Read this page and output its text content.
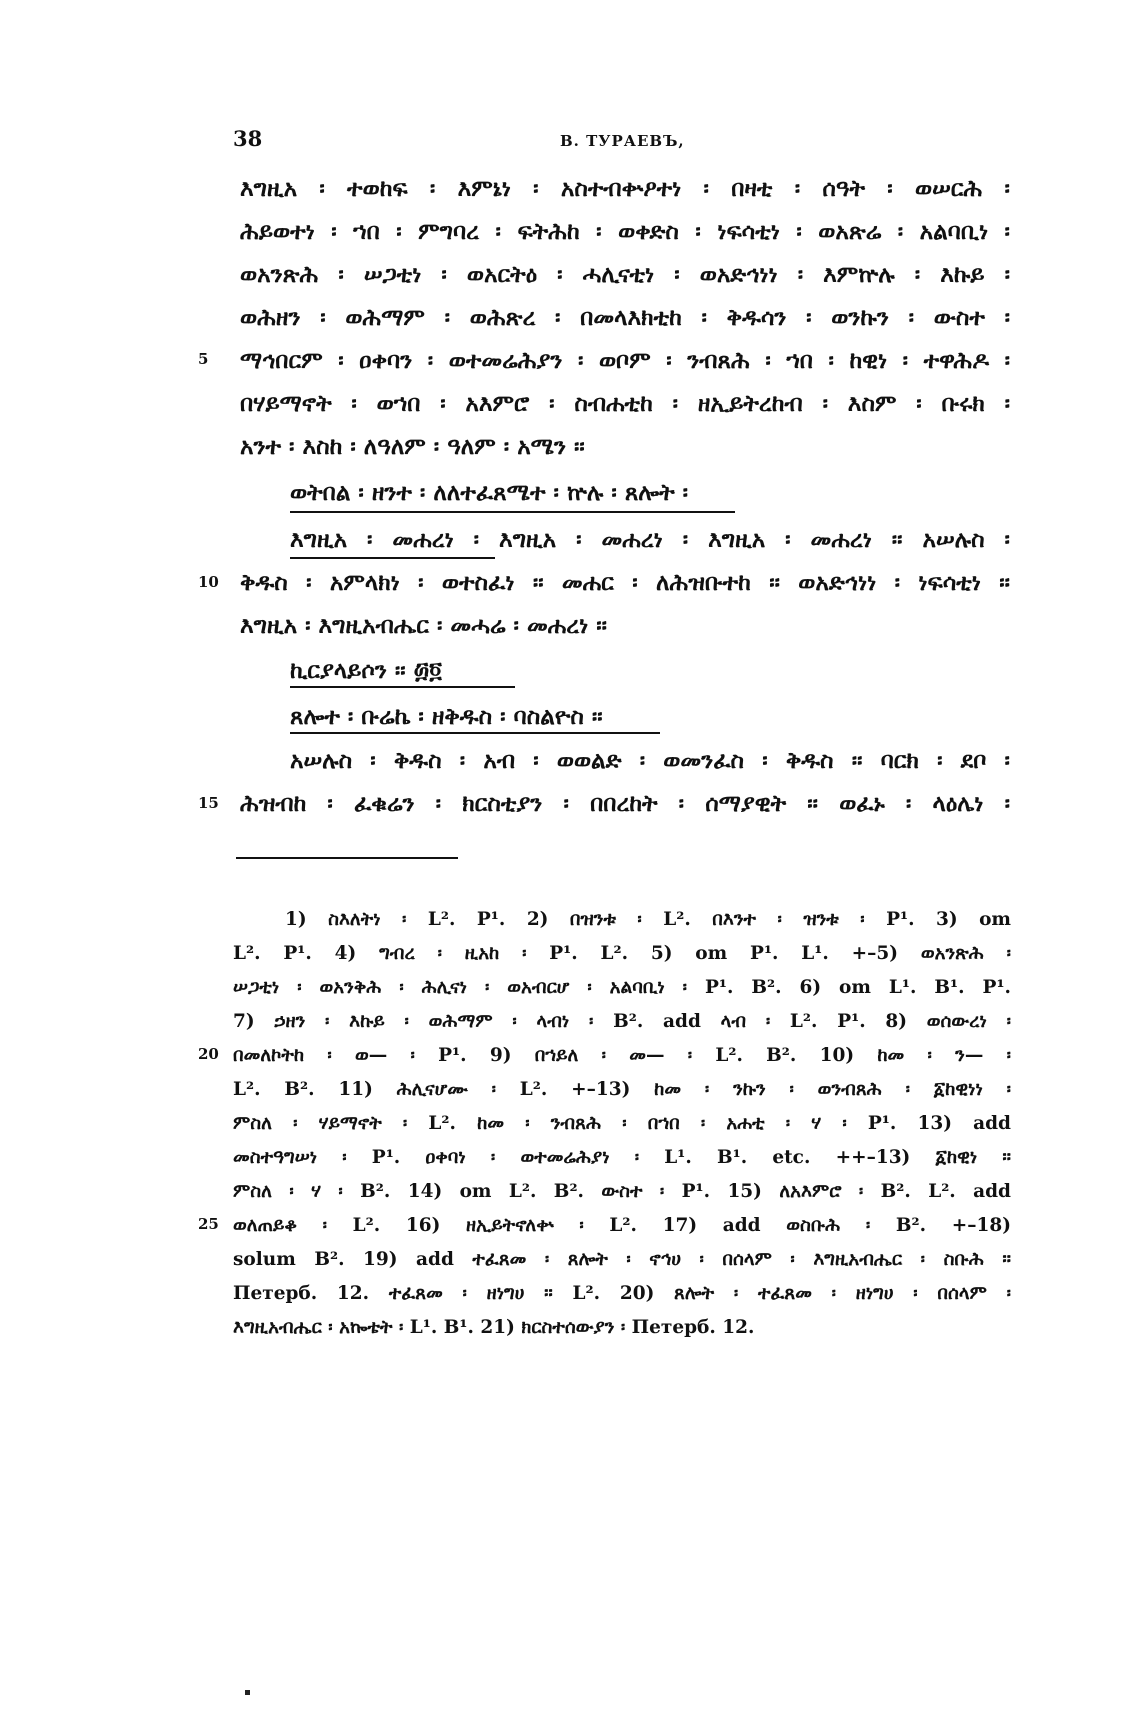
38	В. ТУРАЕВЪ,
እግዚአ ፡ ተወከፍ ፡ እምኔነ ፡ አስተብቍዖተነ ፡ በዛቲ ፡ ሰዓት ፡ ወሠርሕ ፡
ሕይወተነ ፡ ኀበ ፡ ምግባረ ፡ ፍትሕከ ፡ ወቀድስ ፡ ነፍሳቲነ ፡ ወአጽሬ ፡ አልባቢነ ፡
ወአንጽሕ ፡ ሠጋቲነ ፡ ወአርትዕ ፡ ሓሊናቲነ ፡ ወአድኅነነ ፡ እምኵሉ ፡ እኩይ ፡
ወሕዘን ፡ ወሕማም ፡ ወሕጽረ ፡ በመላእክቲከ ፡ ቅዱሳን ፡ ወንኩን ፡ ውስተ ፡
5 ማኅበርም ፡ ዐቀባን ፡ ወተመሬሕያን ፡ ወቦም ፡ ንብጸሕ ፡ ኀበ ፡ ከዊነ ፡ ተዋሕዶ ፡
በሃይማኖት ፡ ወኀበ ፡ አእምሮ ፡ ስብሐቲከ ፡ ዘኢይትረከብ ፡ እስም ፡ ቡሩክ ፡
አንተ ፡ እስከ ፡ ለዓለም ፡ ዓለም ፡ አሜን ።
ወትበል ፡ ዘንተ ፡ ለለተፈጸሜተ ፡ ኵሉ ፡ ጸሎት ፡
እግዚአ ፡ መሐረነ ፡ እግዚአ ፡ መሐረነ ፡ እግዚአ ፡ መሐረነ ። አሠሉስ ፡
10 ቅዱስ ፡ አምላክነ ፡ ወተስፈነ ። መሐር ፡ ለሕዝቡተከ ። ወአድኅነነ ፡ ነፍሳቲነ ።
እግዚአ ፡ እግዚአብሔር ፡ መሓሬ ፡ መሐረነ ።
ኪርያላይሶን ። ፴፬
ጸሎተ ፡ ቡሬኬ ፡ ዘቅዱስ ፡ ባስልዮስ ።
አሠሉስ ፡ ቅዱስ ፡ አብ ፡ ወወልድ ፡ ወመንፈስ ፡ ቅዱስ ። ባርክ ፡ ደቦ ፡
15 ሕዝብከ ፡ ፈቁሬን ፡ ክርስቲያን ፡ በበረከት ፡ ሰማያዊት ። ወፈኑ ፡ ላዕሌነ ፡
1) ስእለትነ ፡ L². P¹. 2) በዝንቱ ፡ L². በእንተ ፡ ዝንቱ ፡ P¹. 3) om
L². P¹. 4) ግብረ ፡ ዚአከ ፡ P¹. L². 5) om P¹. L¹. +–5) ወአንጽሕ ፡
ሠጋቲነ ፡ ወአንቅሕ ፡ ሕሊናነ ፡ ወአብርሆ ፡ አልባቢነ ፡ P¹. B². 6) om L¹. B¹. P¹.
7) ኃዘን ፡ እኩይ ፡ ወሕማም ፡ ላብነ ፡ B². add ላብ ፡ L². P¹. 8) ወሰውረነ ፡
20 በመለኮትከ ፡ ወ— ፡ P¹. 9) በኀይለ ፡ መ— ፡ L². B². 10) ከመ ፡ ን— ፡
L². B². 11) ሕሊናሆሙ ፡ L². +–13) ከመ ፡ ንኩን ፡ ወንብጸሕ ፡ ፩ከዊነነ ፡
ምስለ ፡ ሃይማኖት ፡ L². ከመ ፡ ንብጸሕ ፡ በኀበ ፡ አሐቲ ፡ ሃ ፡ P¹. 13) add
መስተዓግሠነ ፡ P¹. ዐቀባነ ፡ ወተመሬሕያነ ፡ L¹. B¹. etc. ++–13) ፩ከዊነ ።
ምስለ ፡ ሃ ፡ B². 14) om L². B². ውስተ ፡ P¹. 15) ለአእምሮ ፡ B². L². add
25 ወለጠይቆ ፡ L². 16) ዘኢይትኖለቍ ፡ L². 17) add ወስቡሕ ፡ B². +–18)
solum B². 19) add ተፈጸመ ፡ ጸሎት ፡ ኖኅሀ ፡ በሰላም ፡ እግዚአብሔር ፡ ስቡሕ ።
Петерб. 12. ተፈጸመ ፡ ዘነግሀ ። L². 20) ጸሎት ፡ ተፈጸመ ፡ ዘነግሀ ፡ በሰላም ፡
እግዚአብሔር ፡ አኰቴት ፡ L¹. B¹. 21) ክርስተሰውያን ፡ Петерб. 12.
